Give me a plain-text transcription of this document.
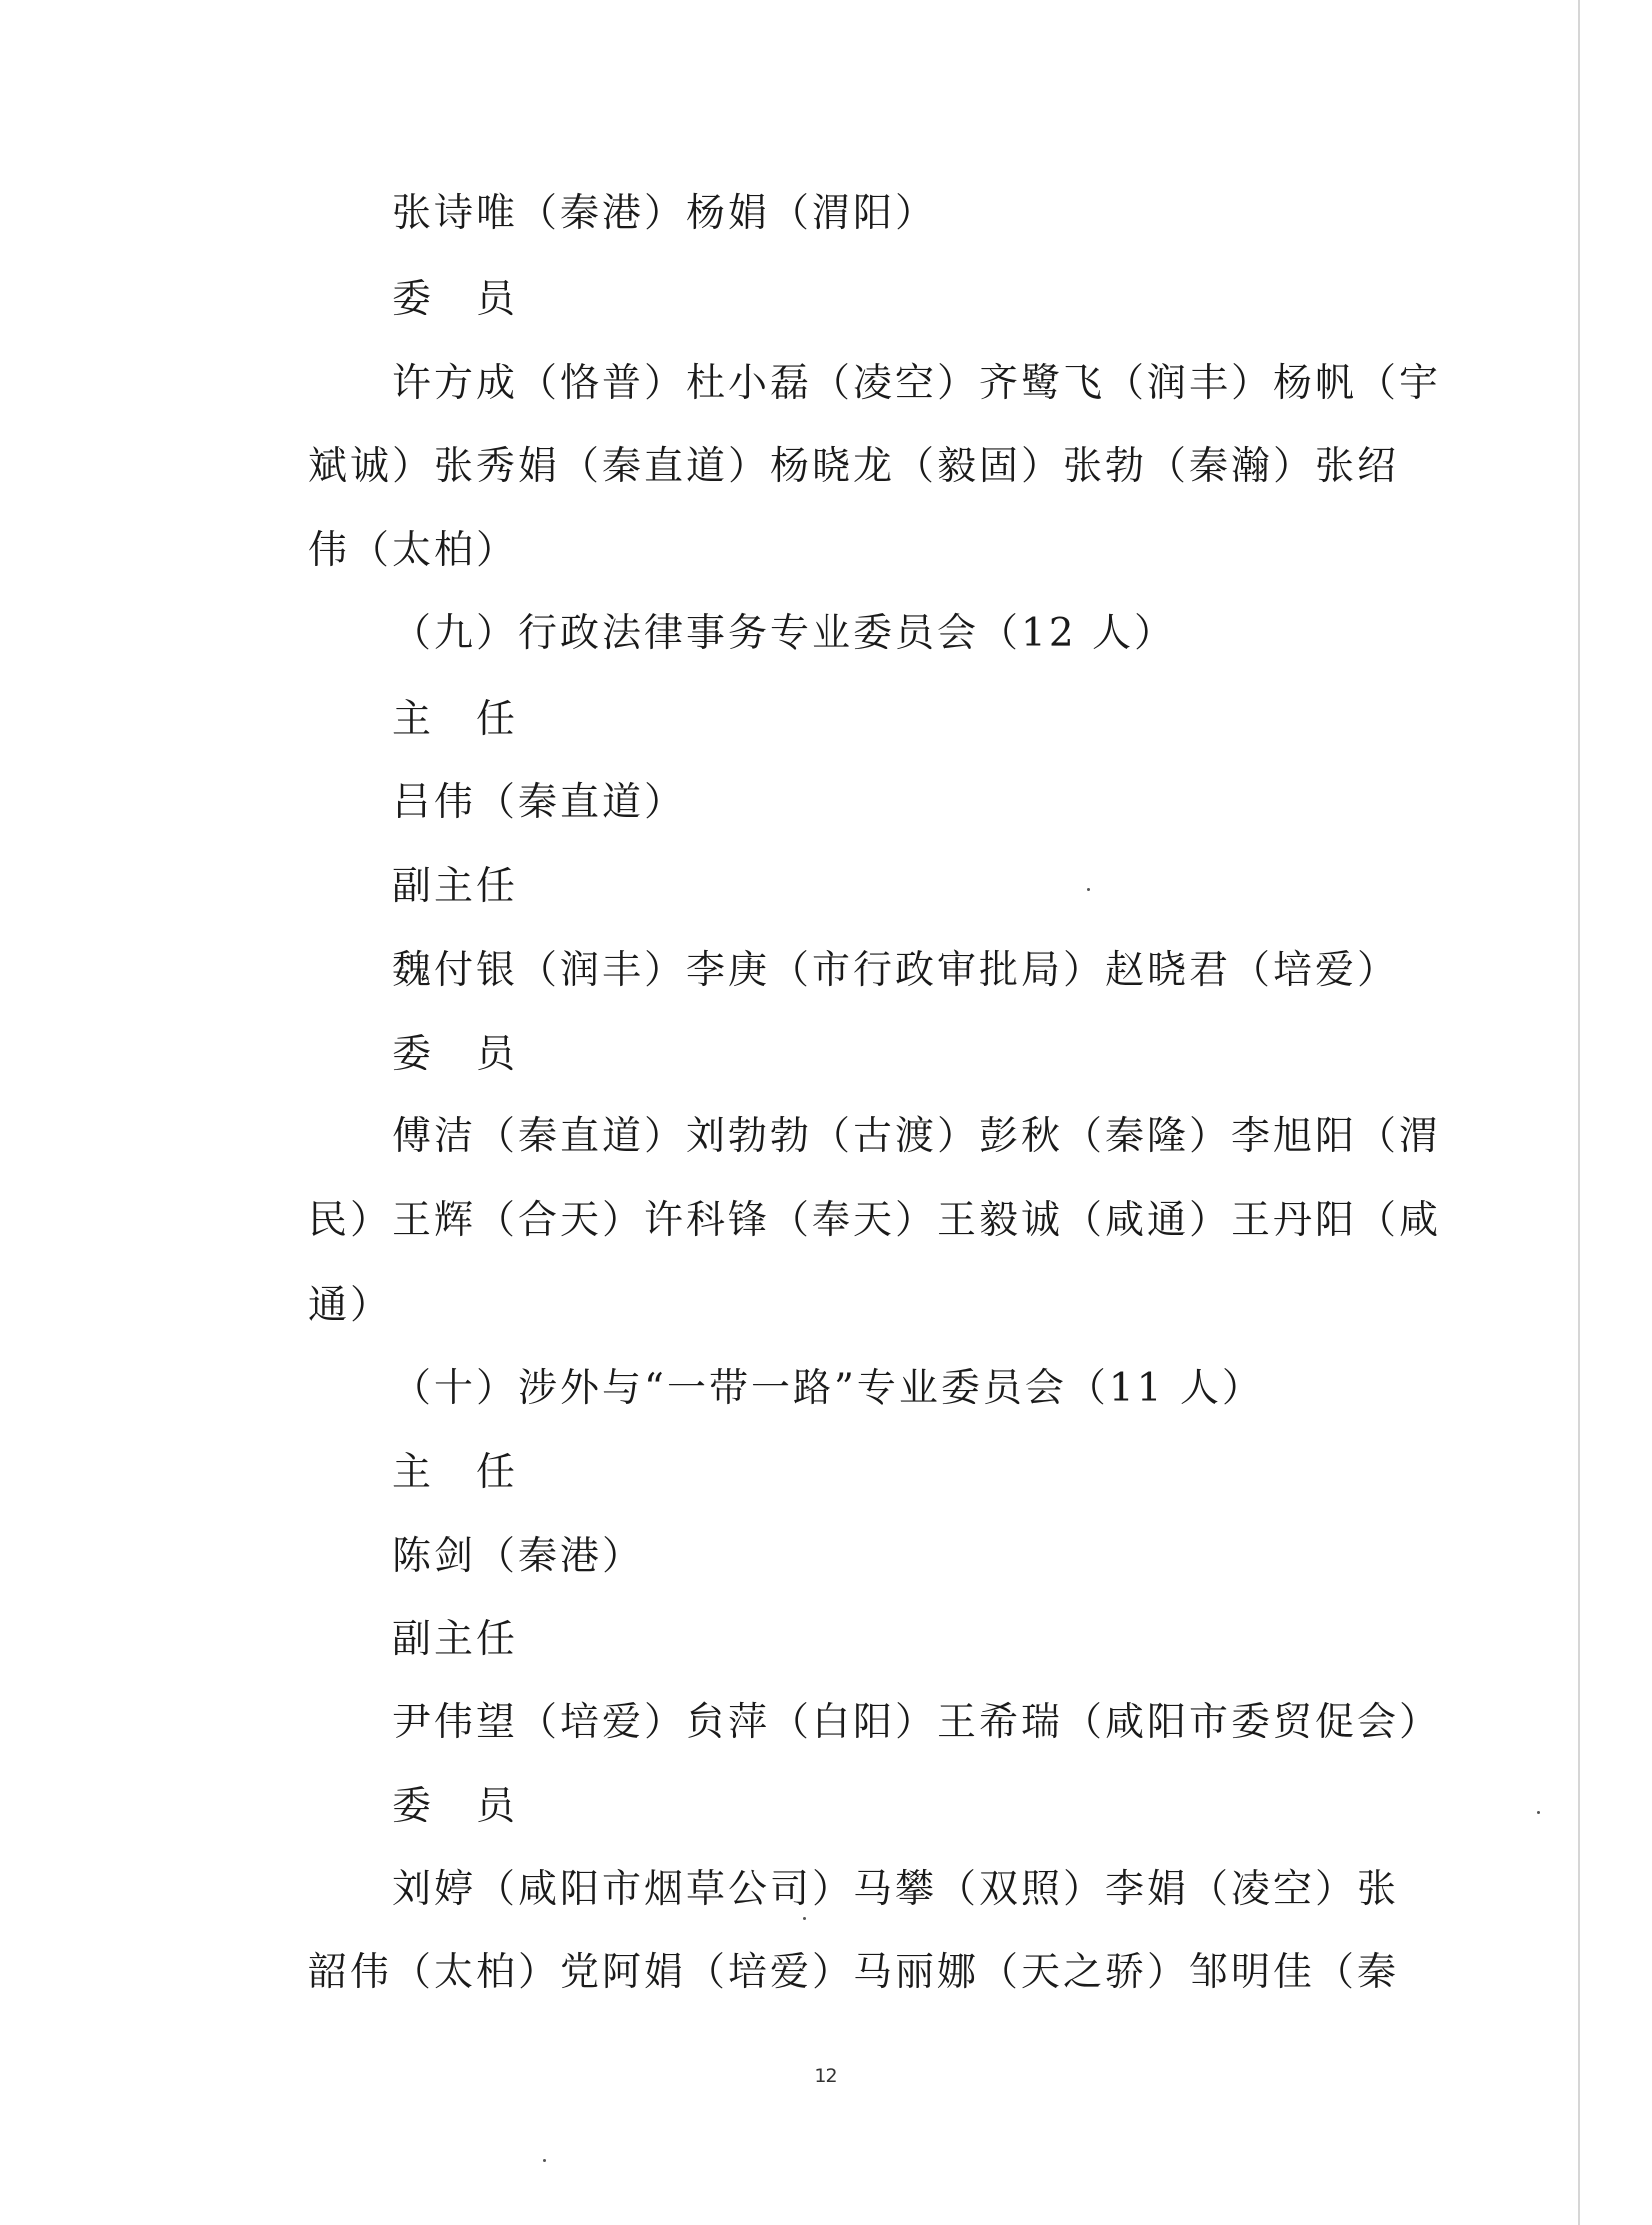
张诗唯（秦港）杨娟（渭阳）
委　员
许方成（恪普）杜小磊（凌空）齐鹭飞（润丰）杨帆（宇
斌诚）张秀娟（秦直道）杨晓龙（毅固）张勃（秦瀚）张绍
伟（太柏）
（九）行政法律事务专业委员会（12 人）
主　任
吕伟（秦直道）
副主任
魏付银（润丰）李庚（市行政审批局）赵晓君（培爱）
委　员
傅洁（秦直道）刘勃勃（古渡）彭秋（秦隆）李旭阳（渭
民）王辉（合天）许科锋（奉天）王毅诚（咸通）王丹阳（咸
通）
（十）涉外与“一带一路”专业委员会（11 人）
主　任
陈剑（秦港）
副主任
尹伟望（培爱）贠萍（白阳）王希瑞（咸阳市委贸促会）
委　员
刘婷（咸阳市烟草公司）马攀（双照）李娟（凌空）张
韶伟（太柏）党阿娟（培爱）马丽娜（天之骄）邹明佳（秦
12
